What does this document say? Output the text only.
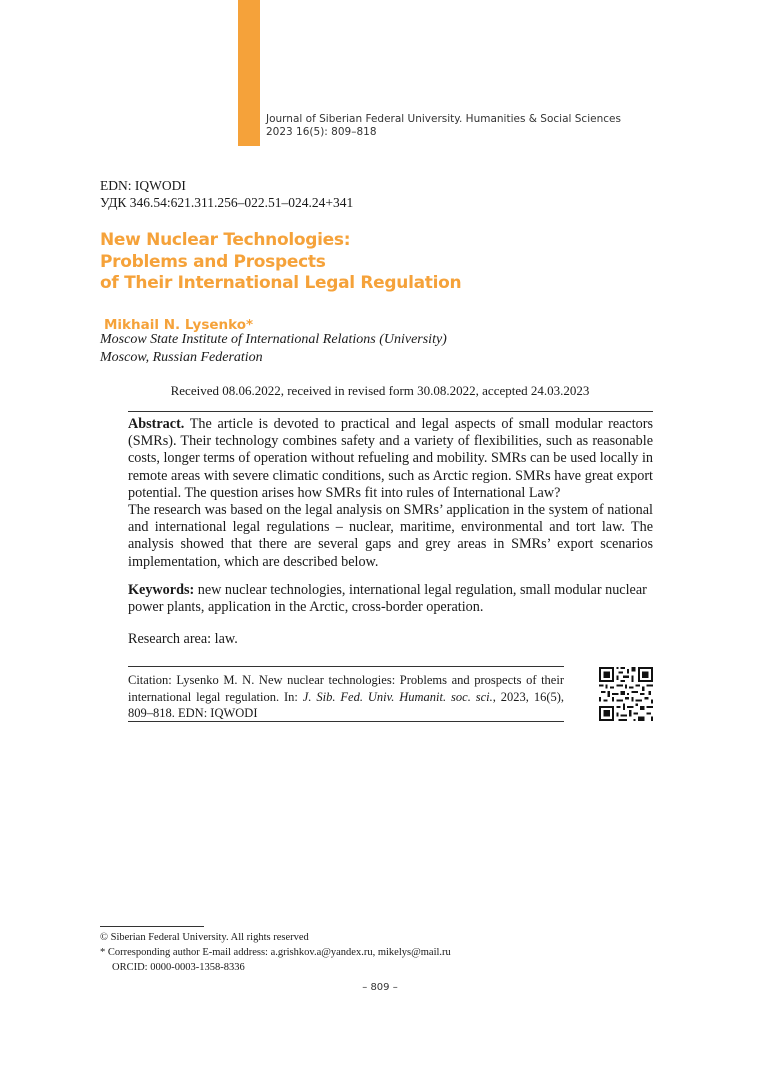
Journal of Siberian Federal University. Humanities & Social Sciences
2023 16(5): 809–818
EDN: IQWODI
УДК 346.54:621.311.256–022.51–024.24+341
New Nuclear Technologies:
Problems and Prospects
of Their International Legal Regulation
Mikhail N. Lysenko*
Moscow State Institute of International Relations (University)
Moscow, Russian Federation
Received 08.06.2022, received in revised form 30.08.2022, accepted 24.03.2023

Abstract. The article is devoted to practical and legal aspects of small modular reactors (SMRs). Their technology combines safety and a variety of flexibilities, such as reasonable costs, longer terms of operation without refueling and mobility. SMRs can be used locally in remote areas with severe climatic conditions, such as Arctic region. SMRs have great export potential. The question arises how SMRs fit into rules of International Law?

The research was based on the legal analysis on SMRs’ application in the system of national and international legal regulations – nuclear, maritime, environmental and tort law. The analysis showed that there are several gaps and grey areas in SMRs’ export scenarios implementation, which are described below.

Keywords: new nuclear technologies, international legal regulation, small modular nuclear power plants, application in the Arctic, cross-border operation.
Research area: law.
Citation: Lysenko M. N. New nuclear technologies: Problems and prospects of their international legal regulation. In: J. Sib. Fed. Univ. Humanit. soc. sci., 2023, 16(5), 809–818. EDN: IQWODI
© Siberian Federal University. All rights reserved
* Corresponding author E-mail address: a.grishkov.a@yandex.ru, mikelys@mail.ru
ORCID: 0000-0003-1358-8336
– 809 –
